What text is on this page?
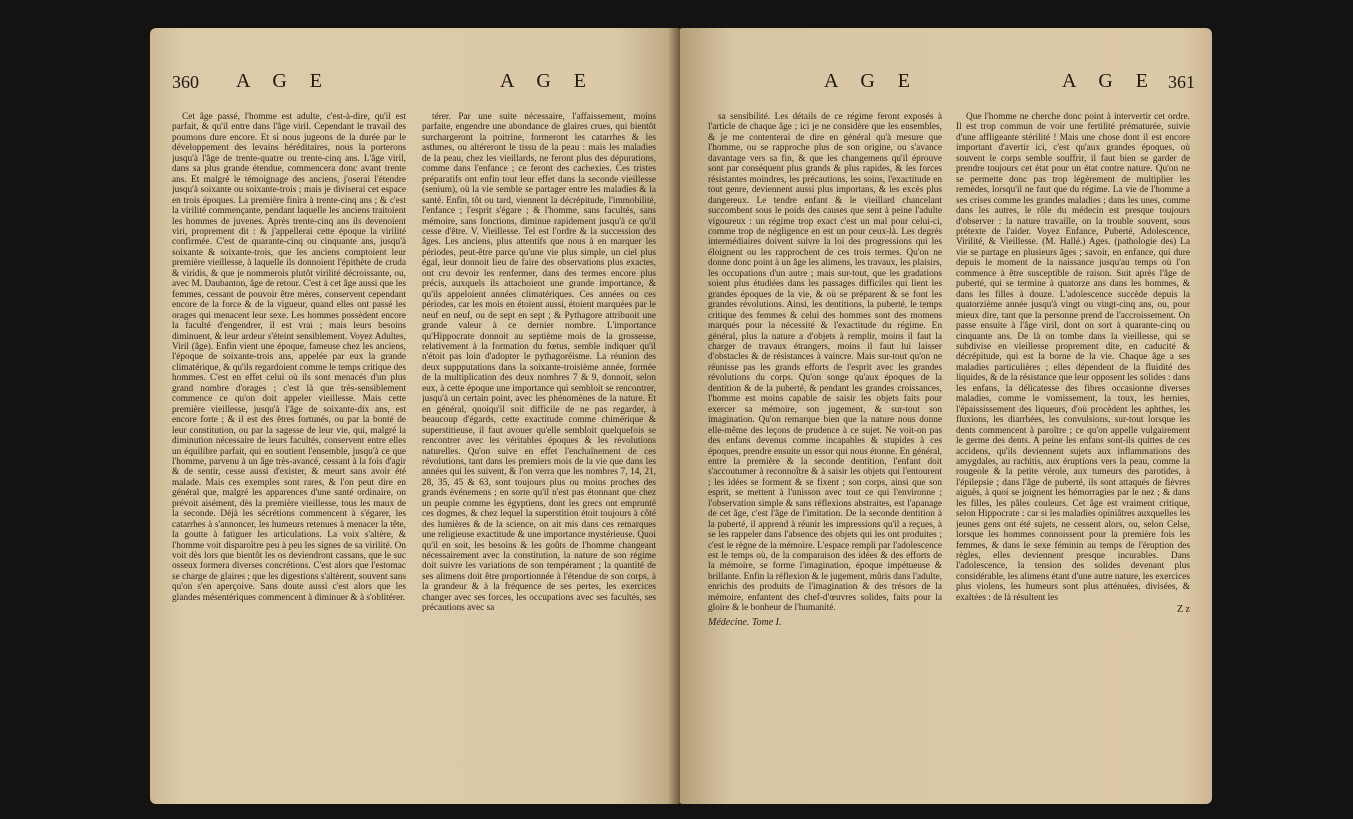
360 A G E	A G E

Cet âge passé, l'homme est adulte, c'est-à-dire, qu'il est parfait, & qu'il entre dans l'âge viril. Cependant le travail des poumons dure encore. Et si nous jugeons de la durée par le développement des levains héréditaires, nous la porterons jusqu'à l'âge de trente-quatre ou trente-cinq ans. L'âge viril, dans sa plus grande étendue, commencera donc avant trente ans. Et malgré le témoignage des anciens, j'oserai l'étendre jusqu'à soixante ou soixante-trois ; mais je diviserai cet espace en trois époques. La première finira à trente-cinq ans ; & c'est la virilité commençante, pendant laquelle les anciens traitoient les hommes de juvenes. Après trente-cinq ans ils devenoient viri, proprement dit : & j'appellerai cette époque la virilité confirmée. C'est de quarante-cinq ou cinquante ans, jusqu'à soixante & soixante-trois, que les anciens comptoient leur première vieillesse, à laquelle ils donnoient l'épithète de cruda & viridis, & que je nommerois plutôt virilité décroissante, ou, avec M. Daubanton, âge de retour. C'est à cet âge aussi que les femmes, cessant de pouvoir être mères, conservent cependant encore de la force & de la vigueur, quand elles ont passé les orages qui menacent leur sexe. Les hommes possèdent encore la faculté d'engendrer, il est vrai ; mais leurs besoins diminuent, & leur ardeur s'éteint sensiblement. Voyez Adultes, Viril (âge). Enfin vient une époque, fameuse chez les anciens, l'époque de soixante-trois ans, appelée par eux la grande climatérique, & qu'ils regardoient comme le temps critique des hommes. C'est en effet celui où ils sont menacés d'un plus grand nombre d'orages ; c'est là que très-sensiblement commence ce qu'on doit appeler vieillesse. Mais cette première vieillesse, jusqu'à l'âge de soixante-dix ans, est encore forte ; & il est des êtres fortunés, ou par la bonté de leur constitution, ou par la sagesse de leur vie, qui, malgré la diminution nécessaire de leurs facultés, conservent entre elles un équilibre parfait, qui en soutient l'ensemble, jusqu'à ce que l'homme, parvenu à un âge très-avancé, cessant à la fois d'agir & de sentir, cesse aussi d'exister, & meurt sans avoir été malade. Mais ces exemples sont rares, & l'on peut dire en général que, malgré les apparences d'une santé ordinaire, on prévoit aisément, dès la première vieillesse, tous les maux de la seconde. Déjà les sécrétions commencent à s'égarer, les catarrhes à s'annoncer, les humeurs retenues à menacer la tête, la goutte à fatiguer les articulations. La voix s'altère, & l'homme voit disparoître peu à peu les signes de sa virilité. On voit dès lors que bientôt les os deviendront cassans, que le suc osseux formera diverses concrétions. C'est alors que l'estomac se charge de glaires ; que les digestions s'altèrent, souvent sans qu'on s'en aperçoive. Sans doute aussi c'est alors que les glandes mésentériques commencent à diminuer & à s'oblitérer.

térer. Par une suite nécessaire, l'affaissement, moins parfaite, engendre une abondance de glaires crues, qui bientôt surchargeront la poitrine, formeront les catarrhes & les asthmes, ou altéreront le tissu de la peau : mais les maladies de la peau, chez les vieillards, ne feront plus des dépurations, comme dans l'enfance ; ce feront des cachexies. Ces tristes préparatifs ont enfin tout leur effet dans la seconde vieillesse (senium), où la vie semble se partager entre les maladies & la santé. Enfin, tôt ou tard, viennent la décrépitude, l'immobilité, l'enfance ; l'esprit s'égare ; & l'homme, sans facultés, sans mémoire, sans fonctions, diminue rapidement jusqu'à ce qu'il cesse d'être. V. Vieillesse. Tel est l'ordre & la succession des âges. Les anciens, plus attentifs que nous à en marquer les périodes, peut-être parce qu'une vie plus simple, un ciel plus égal, leur donnoit lieu de faire des observations plus exactes, ont cru devoir les renfermer, dans des termes encore plus précis, auxquels ils attachoient une grande importance, & qu'ils appeloient années climatériques. Ces années ou ces périodes, car les mois en étoient aussi, étoient marquées par le neuf en neuf, ou de sept en sept ; & Pythagore attribuoit une grande valeur à ce dernier nombre. L'importance qu'Hippocrate donnoit au septième mois de la grossesse, relativement à la formation du fœtus, semble indiquer qu'il n'étoit pas loin d'adopter le pythagoréisme. La réunion des deux suppputations dans la soixante-troisième année, formée de la multiplication des deux nombres 7 & 9, donnoit, selon eux, à cette époque une importance qui sembloit se rencontrer, jusqu'à un certain point, avec les phénomènes de la nature. Et en général, quoiqu'il soit difficile de ne pas regarder, à beaucoup d'égards, cette exactitude comme chimérique & superstitieuse, il faut avouer qu'elle sembloit quelquefois se rencontrer avec les véritables époques & les révolutions naturelles. Qu'on suive en effet l'enchaînement de ces révolutions, tant dans les premiers mois de la vie que dans les années qui les suivent, & l'on verra que les nombres 7, 14, 21, 28, 35, 45 & 63, sont toujours plus ou moins proches des grands événemens ; en sorte qu'il n'est pas étonnant que chez un peuple comme les égyptiens, dont les grecs ont emprunté ces dogmes, & chez lequel la superstition étoit toujours à côté des lumières & de la science, on ait mis dans ces remarques une religieuse exactitude & une importance mystérieuse. Quoi qu'il en soit, les besoins & les goûts de l'homme changeant nécessairement avec la constitution, la nature de son régime doit suivre les variations de son tempérament ; la quantité de ses alimens doit être proportionnée à l'étendue de son corps, à la grandeur & à la fréquence de ses pertes, les exercices changer avec ses forces, les occupations avec ses facultés, ses précautions avec sa

A G E	A G E 361

sa sensibilité. Les détails de ce régime feront exposés à l'article de chaque âge ; ici je ne considère que les ensembles, & je me contenterai de dire en général qu'à mesure que l'homme, ou se rapproche plus de son origine, ou s'avance davantage vers sa fin, & que les changemens qu'il éprouve sont par conséquent plus grands & plus rapides, & les forces résistantes moindres, les précautions, les soins, l'exactitude en tout genre, deviennent aussi plus importans, & les excès plus dangereux. Le tendre enfant & le vieillard chancelant succombent sous le poids des causes que sent à peine l'adulte vigoureux : un régime trop exact c'est un mal pour celui-ci, comme trop de négligence en est un pour ceux-là. Les degrés intermédiaires doivent suivre la loi des progressions qui les éloignent ou les rapprochent de ces trois termes. Qu'on ne donne donc point à un âge les alimens, les travaux, les plaisirs, les occupations d'un autre ; mais sur-tout, que les gradations soient plus étudiées dans les passages difficiles qui lient les grandes époques de la vie, & où se préparent & se font les grandes révolutions. Ainsi, les dentitions, la puberté, le temps critique des femmes & celui des hommes sont des momens marqués pour la nécessité & l'exactitude du régime. En général, plus la nature a d'objets à remplir, moins il faut la charger de travaux étrangers, moins il faut lui laisser d'obstacles & de résistances à vaincre. Mais sur-tout qu'on ne réunisse pas les grands efforts de l'esprit avec les grandes révolutions du corps. Qu'on songe qu'aux époques de la dentition & de la puberté, & pendant les grandes croissances, l'homme est moins capable de saisir les objets faits pour exercer sa mémoire, son jugement, & sur-tout son imagination. Qu'on remarque bien que la nature nous donne elle-même des leçons de prudence à ce sujet. Ne voit-on pas des enfans devenus comme incapables & stupides à ces époques, prendre ensuite un essor qui nous étonne. En général, entre la première & la seconde dentition, l'enfant doit s'accoutumer à reconnoître & à saisir les objets qui l'entourent ; les idées se forment & se fixent ; son corps, ainsi que son esprit, se mettent à l'unisson avec tout ce qui l'environne ; l'observation simple & sans réflexions abstraites, est l'apanage de cet âge, c'est l'âge de l'imitation. De la seconde dentition à la puberté, il apprend à réunir les impressions qu'il a reçues, à se les rappeler dans l'absence des objets qui les ont produites ; c'est le règne de la mémoire. L'espace rempli par l'adolescence est le temps où, de la comparaison des idées & des efforts de la mémoire, se forme l'imagination, époque impétueuse & brillante. Enfin la réflexion & le jugement, mûris dans l'adulte, enrichis des produits de l'imagination & des trésors de la mémoire, enfantent des chef-d'œuvres solides, faits pour la gloire & le bonheur de l'humanité.

Médecine. Tome I.

Que l'homme ne cherche donc point à intervertir cet ordre. Il est trop commun de voir une fertilité prématurée, suivie d'une affligeante stérilité ! Mais une chose dont il est encore important d'avertir ici, c'est qu'aux grandes époques, où souvent le corps semble souffrir, il faut bien se garder de prendre toujours cet état pour un état contre nature. Qu'on ne se permette donc pas trop légèrement de multiplier les remèdes, lorsqu'il ne faut que du régime. La vie de l'homme a ses crises comme les grandes maladies ; dans les unes, comme dans les autres, le rôle du médecin est presque toujours d'observer : la nature travaille, on la trouble souvent, sous prétexte de l'aider. Voyez Enfance, Puberté, Adolescence, Virilité, & Vieillesse. (M. Hallé.) Ages. (pathologie des) La vie se partage en plusieurs âges ; savoir, en enfance, qui dure depuis le moment de la naissance jusqu'au temps où l'on commence à être susceptible de raison. Suit après l'âge de puberté, qui se termine à quatorze ans dans les hommes, & dans les filles à douze. L'adolescence succède depuis la quatorzième année jusqu'à vingt ou vingt-cinq ans, ou, pour mieux dire, tant que la personne prend de l'accroissement. On passe ensuite à l'âge viril, dont on sort à quarante-cinq ou cinquante ans. De là on tombe dans la vieillesse, qui se subdivise en vieillesse proprement dite, en caducité & décrépitude, qui est la borne de la vie. Chaque âge a ses maladies particulières ; elles dépendent de la fluidité des liquides, & de la résistance que leur opposent les solides : dans les enfans, la délicatesse des fibres occasionne diverses maladies, comme le vomissement, la toux, les hernies, l'épaississement des liqueurs, d'où procèdent les aphthes, les fluxions, les diarrhées, les convulsions, sur-tout lorsque les dents commencent à paroître ; ce qu'on appelle vulgairement le germe des dents. A peine les enfans sont-ils quittes de ces accidens, qu'ils deviennent sujets aux inflammations des amygdales, au rachitis, aux éruptions vers la peau, comme la rougeole & la petite vérole, aux tumeurs des parotides, à l'épilepsie ; dans l'âge de puberté, ils sont attaqués de fièvres aiguës, à quoi se joignent les hémorragies par le nez ; & dans les filles, les pâles couleurs. Cet âge est vraiment critique, selon Hippocrate : car si les maladies opiniâtres auxquelles les jeunes gens ont été sujets, ne cessent alors, ou, selon Celse, lorsque les hommes connoissent pour la première fois les femmes, & dans le sexe féminin au temps de l'éruption des règles, elles deviennent presque incurables. Dans l'adolescence, la tension des solides devenant plus considérable, les alimens étant d'une autre nature, les exercices plus violens, les humeurs sont plus atténuées, divisées, & exaltées : de là résultent les

Z z
